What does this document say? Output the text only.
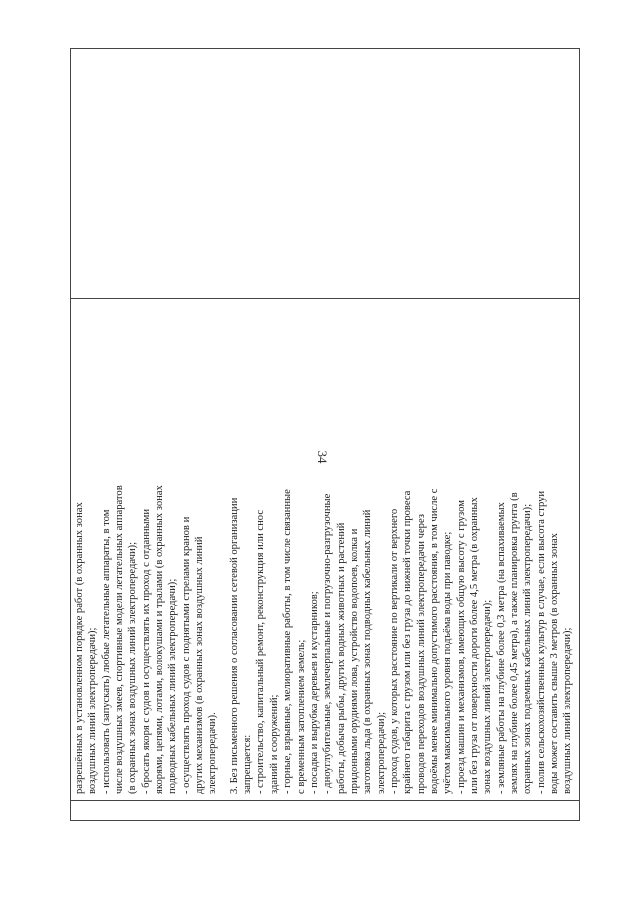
34
разрешённых в установленном порядке работ (в охранных зонах воздушных линий электропередачи); - использовать (запускать) любые летательные аппараты, в том числе воздушных змеев, спортивные модели летательных аппаратов (в охранных зонах воздушных линий электропередачи); - бросать якоря с судов и осуществлять их проход с отданными якорями, цепями, лотами, волокушами и тралами (в охранных зонах подводных кабельных линий электропередачи); - осуществлять проход судов с поднятыми стрелами кранов и других механизмов (в охранных зонах воздушных линий электропередачи). 3. Без письменного решения о согласовании сетевой организации запрещается: - строительство, капитальный ремонт, реконструкция или снос зданий и сооружений; - горные, взрывные, мелиоративные работы, в том числе связанные с временным затоплением земель; - посадка и вырубка деревьев и кустарников; - дноуглубительные, землечерпальные и погрузочно-разгрузочные работы, добыча рыбы, других водных животных и растений придонными орудиями лова, устройство водопоев, колка и заготовка льда (в охранных зонах подводных кабельных линий электропередачи); - проход судов, у которых расстояние по вертикали от верхнего крайнего габарита с грузом или без груза до нижней точки провеса проводов переходов воздушных линий электропередачи через водоёмы менее минимально допустимого расстояния, в том числе с учётом максимального уровня подъёма воды при паводке; - проезд машин и механизмов, имеющих общую высоту с грузом или без груза от поверхности дороги более 4,5 метра (в охранных зонах воздушных линий электропередачи); - земляные работы на глубине более 0,3 метра (на вспахиваемых землях на глубине более 0,45 метра), а также планировка грунта (в охранных зонах подземных кабельных линий электропередачи); - полив сельскохозяйственных культур в случае, если высота струи воды может составить свыше 3 метров (в охранных зонах воздушных линий электропередачи);
